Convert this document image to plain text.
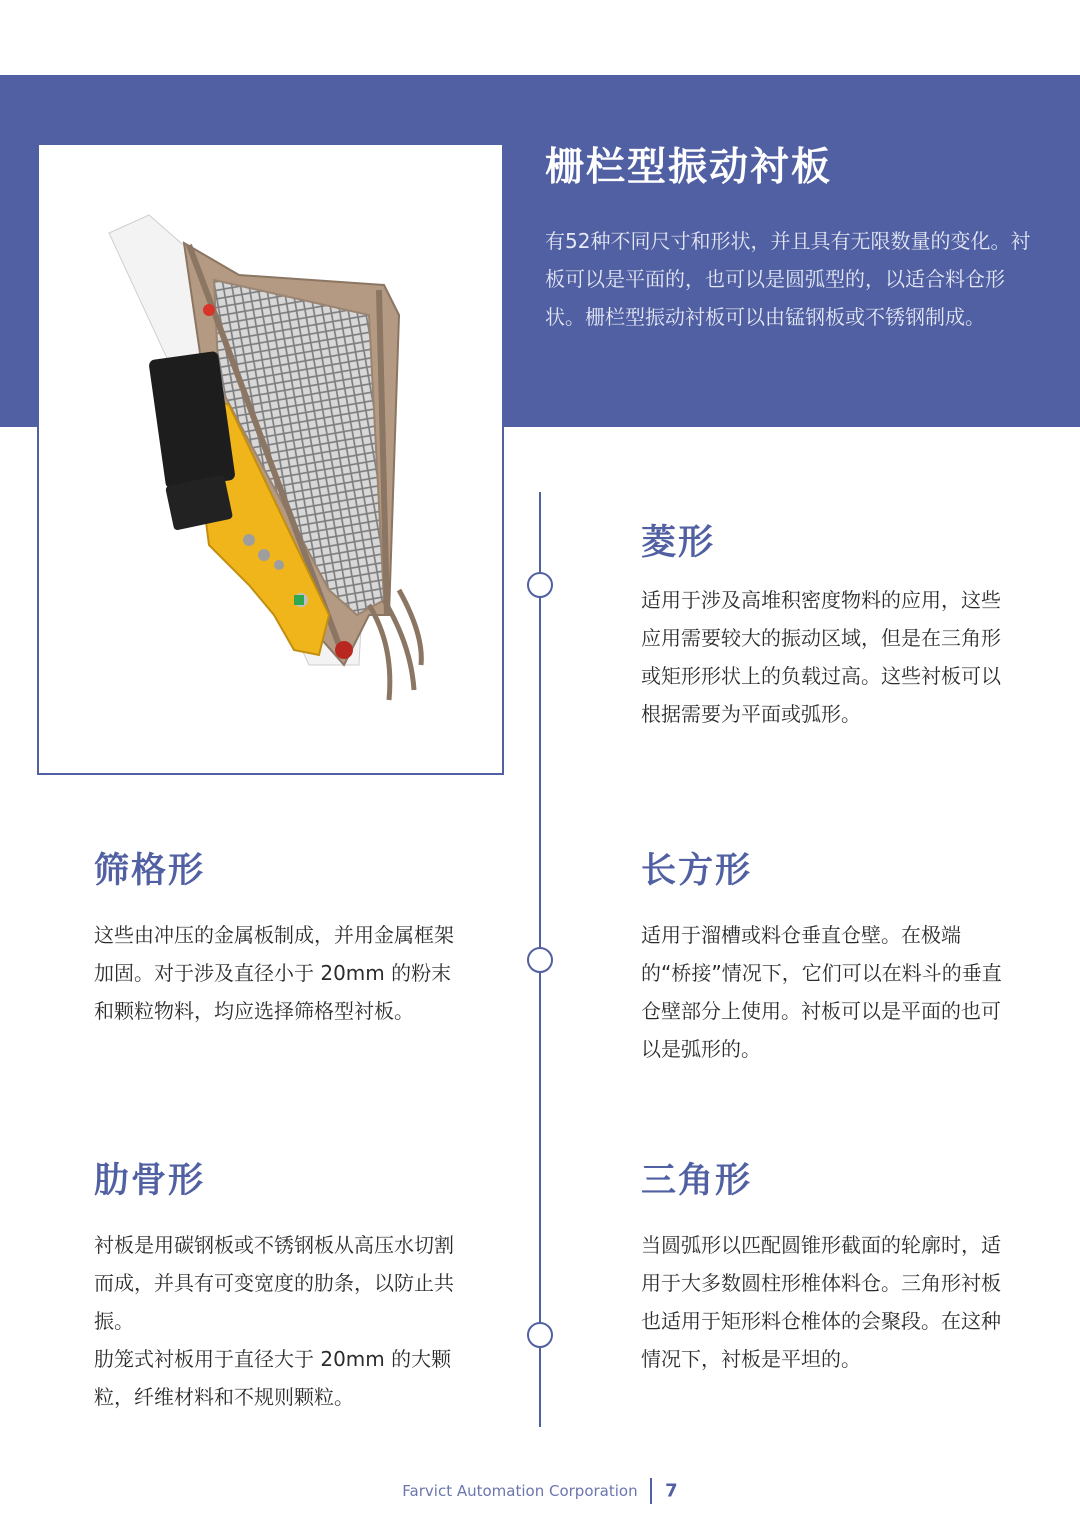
栅栏型振动衬板

有52种不同尺寸和形状，并且具有无限数量的变化。衬板可以是平面的，也可以是圆弧型的，以适合料仓形状。栅栏型振动衬板可以由锰钢板或不锈钢制成。

菱形

适用于涉及高堆积密度物料的应用，这些应用需要较大的振动区域，但是在三角形或矩形形状上的负载过高。这些衬板可以根据需要为平面或弧形。

筛格形

这些由冲压的金属板制成，并用金属框架加固。对于涉及直径小于 20mm 的粉末和颗粒物料，均应选择筛格型衬板。

长方形

适用于溜槽或料仓垂直仓壁。在极端的“桥接”情况下，它们可以在料斗的垂直仓壁部分上使用。衬板可以是平面的也可以是弧形的。

肋骨形

衬板是用碳钢板或不锈钢板从高压水切割而成，并具有可变宽度的肋条，以防止共振。

肋笼式衬板用于直径大于 20mm 的大颗粒，纤维材料和不规则颗粒。

三角形

当圆弧形以匹配圆锥形截面的轮廓时，适用于大多数圆柱形椎体料仓。三角形衬板也适用于矩形料仓椎体的会聚段。在这种情况下，衬板是平坦的。

Farvict Automation Corporation 7
